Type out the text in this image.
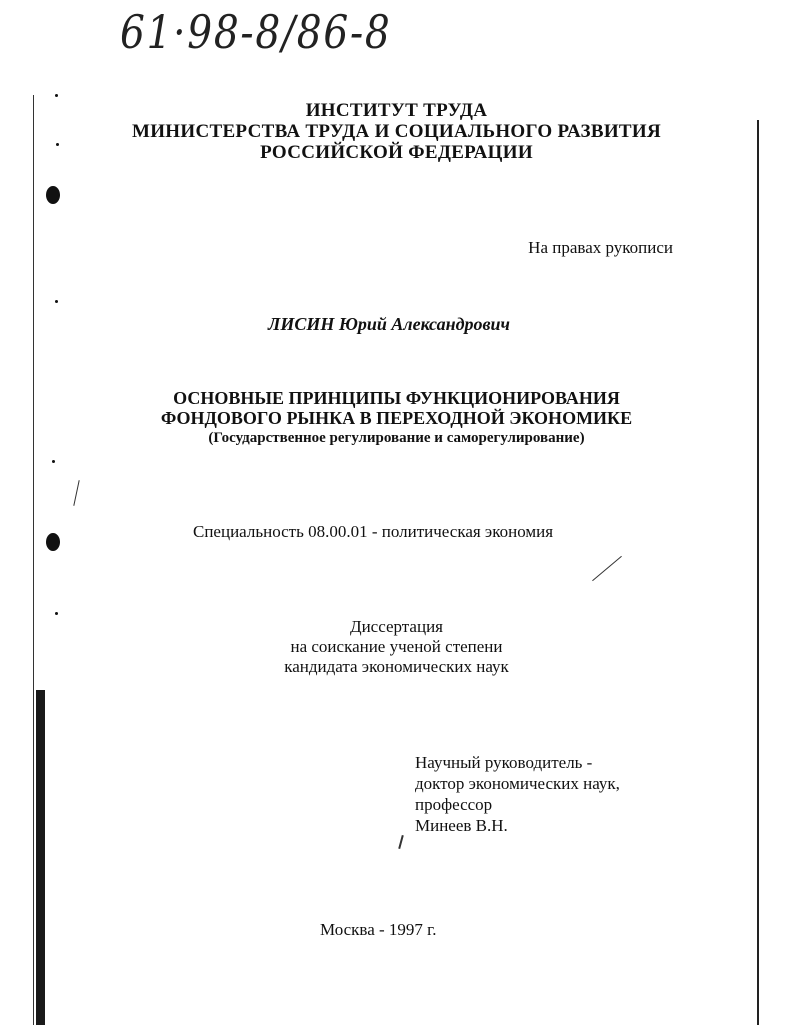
61·98-8/86-8
ИНСТИТУТ ТРУДА
МИНИСТЕРСТВА ТРУДА И СОЦИАЛЬНОГО РАЗВИТИЯ
РОССИЙСКОЙ ФЕДЕРАЦИИ
На правах рукописи
ЛИСИН Юрий Александрович
ОСНОВНЫЕ ПРИНЦИПЫ ФУНКЦИОНИРОВАНИЯ
ФОНДОВОГО РЫНКА В ПЕРЕХОДНОЙ ЭКОНОМИКЕ
(Государственное регулирование и саморегулирование)
Специальность 08.00.01 - политическая экономия
Диссертация
на соискание ученой степени
кандидата экономических наук
Научный руководитель -
доктор экономических наук,
профессор
Минеев В.Н.
Москва - 1997 г.
